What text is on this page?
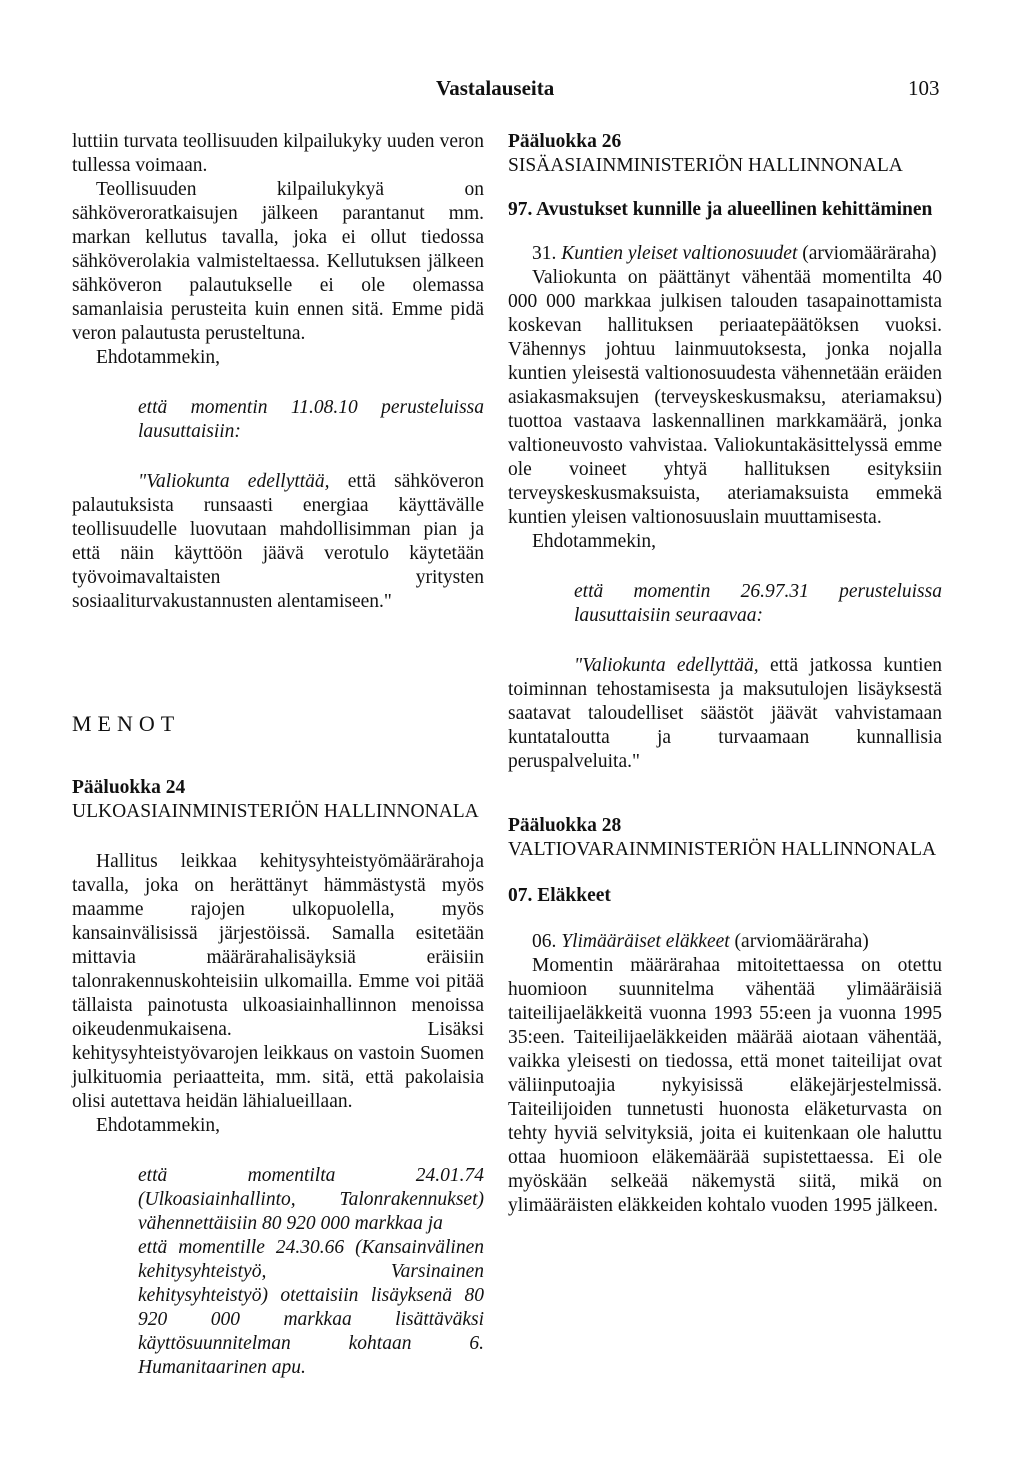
Vastalauseita	103

luttiin turvata teollisuuden kilpailukyky uuden veron tullessa voimaan.

Teollisuuden kilpailukykyä on sähköveroratkaisujen jälkeen parantanut mm. markan kellutus tavalla, joka ei ollut tiedossa sähköverolakia valmisteltaessa. Kellutuksen jälkeen sähköveron palautukselle ei ole olemassa samanlaisia perusteita kuin ennen sitä. Emme pidä veron palautusta perusteltuna.

Ehdotammekin,

että momentin 11.08.10 perusteluissa lausuttaisiin:

"Valiokunta edellyttää, että sähköveron palautuksista runsaasti energiaa käyttävälle teollisuudelle luovutaan mahdollisimman pian ja että näin käyttöön jäävä verotulo käytetään työvoimavaltaisten yritysten sosiaaliturvakustannusten alentamiseen."

MENOT

Pääluokka 24

ULKOASIAINMINISTERIÖN HALLINNONALA

Hallitus leikkaa kehitysyhteistyömäärärahoja tavalla, joka on herättänyt hämmästystä myös maamme rajojen ulkopuolella, myös kansainvälisissä järjestöissä. Samalla esitetään mittavia määrärahalisäyksiä eräisiin talonrakennuskohteisiin ulkomailla. Emme voi pitää tällaista painotusta ulkoasiainhallinnon menoissa oikeudenmukaisena. Lisäksi kehitysyhteistyövarojen leikkaus on vastoin Suomen julkituomia periaatteita, mm. sitä, että pakolaisia olisi autettava heidän lähialueillaan.

Ehdotammekin,

että momentilta 24.01.74 (Ulkoasiainhallinto, Talonrakennukset) vähennettäisiin 80 920 000 markkaa ja

että momentille 24.30.66 (Kansainvälinen kehitysyhteistyö, Varsinainen kehitysyhteistyö) otettaisiin lisäyksenä 80 920 000 markkaa lisättäväksi käyttösuunnitelman kohtaan 6. Humanitaarinen apu.

Pääluokka 26

SISÄASIAINMINISTERIÖN HALLINNONALA

97. Avustukset kunnille ja alueellinen kehittäminen

31. Kuntien yleiset valtionosuudet (arviomääräraha)

Valiokunta on päättänyt vähentää momentilta 40 000 000 markkaa julkisen talouden tasapainottamista koskevan hallituksen periaatepäätöksen vuoksi. Vähennys johtuu lainmuutoksesta, jonka nojalla kuntien yleisestä valtionosuudesta vähennetään eräiden asiakasmaksujen (terveyskeskusmaksu, ateriamaksu) tuottoa vastaava laskennallinen markkamäärä, jonka valtioneuvosto vahvistaa. Valiokuntakäsittelyssä emme ole voineet yhtyä hallituksen esityksiin terveyskeskusmaksuista, ateriamaksuista emmekä kuntien yleisen valtionosuuslain muuttamisesta.

Ehdotammekin,

että momentin 26.97.31 perusteluissa lausuttaisiin seuraavaa:

"Valiokunta edellyttää, että jatkossa kuntien toiminnan tehostamisesta ja maksutulojen lisäyksestä saatavat taloudelliset säästöt jäävät vahvistamaan kuntataloutta ja turvaamaan kunnallisia peruspalveluita."

Pääluokka 28

VALTIOVARAINMINISTERIÖN HALLINNONALA

07. Eläkkeet

06. Ylimääräiset eläkkeet (arviomääräraha)

Momentin määrärahaa mitoitettaessa on otettu huomioon suunnitelma vähentää ylimääräisiä taiteilijaeläkkeitä vuonna 1993 55:een ja vuonna 1995 35:een. Taiteilijaeläkkeiden määrää aiotaan vähentää, vaikka yleisesti on tiedossa, että monet taiteilijat ovat väliinputoajia nykyisissä eläkejärjestelmissä. Taiteilijoiden tunnetusti huonosta eläketurvasta on tehty hyviä selvityksiä, joita ei kuitenkaan ole haluttu ottaa huomioon eläkemäärää supistettaessa. Ei ole myöskään selkeää näkemystä siitä, mikä on ylimääräisten eläkkeiden kohtalo vuoden 1995 jälkeen.
